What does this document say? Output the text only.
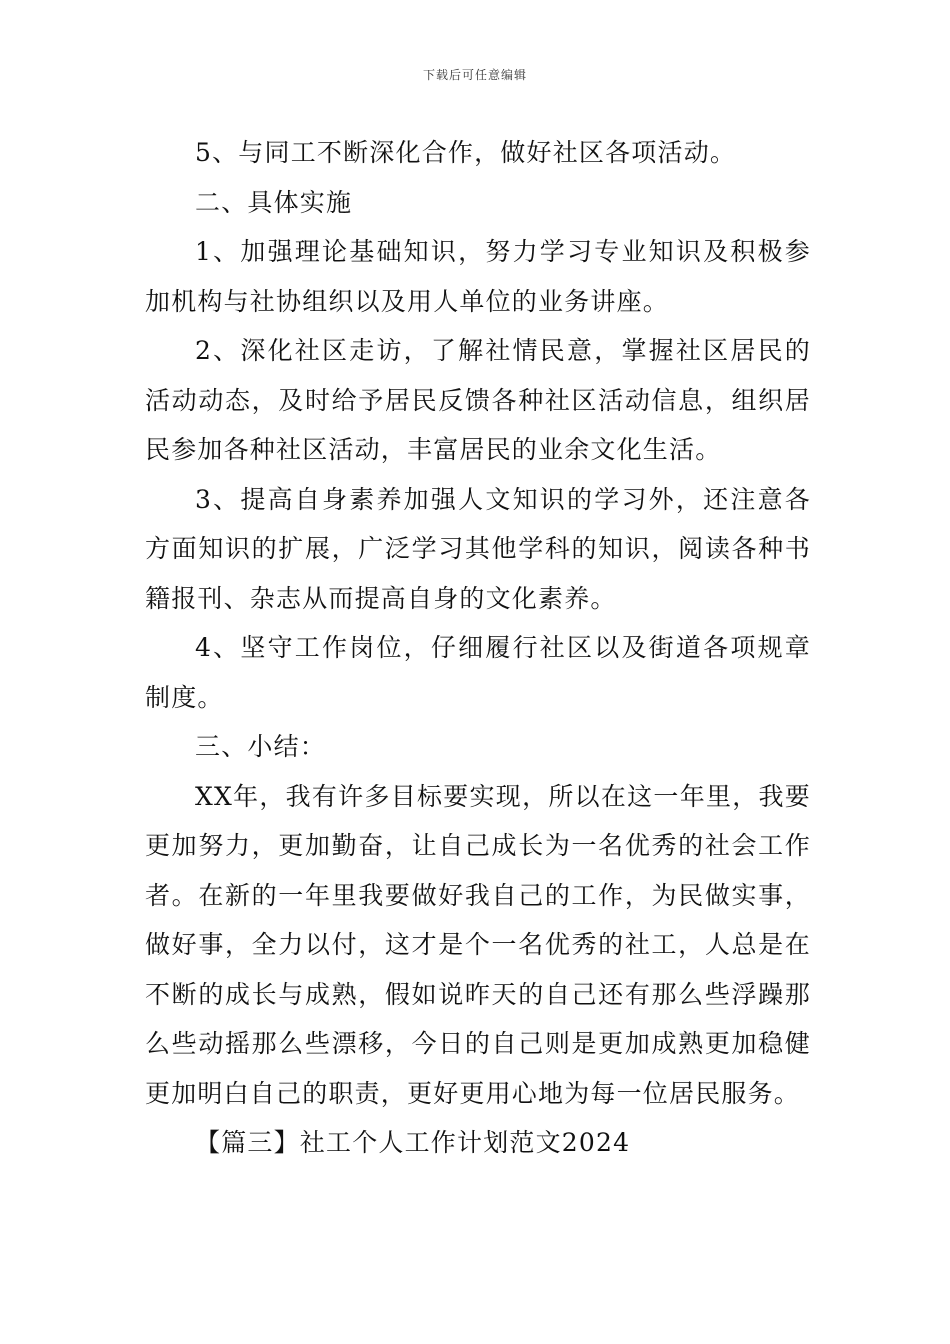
下载后可任意编辑

5、与同工不断深化合作，做好社区各项活动。

二、具体实施

1、加强理论基础知识，努力学习专业知识及积极参加机构与社协组织以及用人单位的业务讲座。

2、深化社区走访，了解社情民意，掌握社区居民的活动动态，及时给予居民反馈各种社区活动信息，组织居民参加各种社区活动，丰富居民的业余文化生活。

3、提高自身素养加强人文知识的学习外，还注意各方面知识的扩展，广泛学习其他学科的知识，阅读各种书籍报刊、杂志从而提高自身的文化素养。

4、坚守工作岗位，仔细履行社区以及街道各项规章制度。

三、小结：

XX年，我有许多目标要实现，所以在这一年里，我要更加努力，更加勤奋，让自己成长为一名优秀的社会工作者。在新的一年里我要做好我自己的工作，为民做实事，做好事，全力以付，这才是个一名优秀的社工，人总是在不断的成长与成熟，假如说昨天的自己还有那么些浮躁那么些动摇那么些漂移，今日的自己则是更加成熟更加稳健更加明白自己的职责，更好更用心地为每一位居民服务。

【篇三】社工个人工作计划范文2024
